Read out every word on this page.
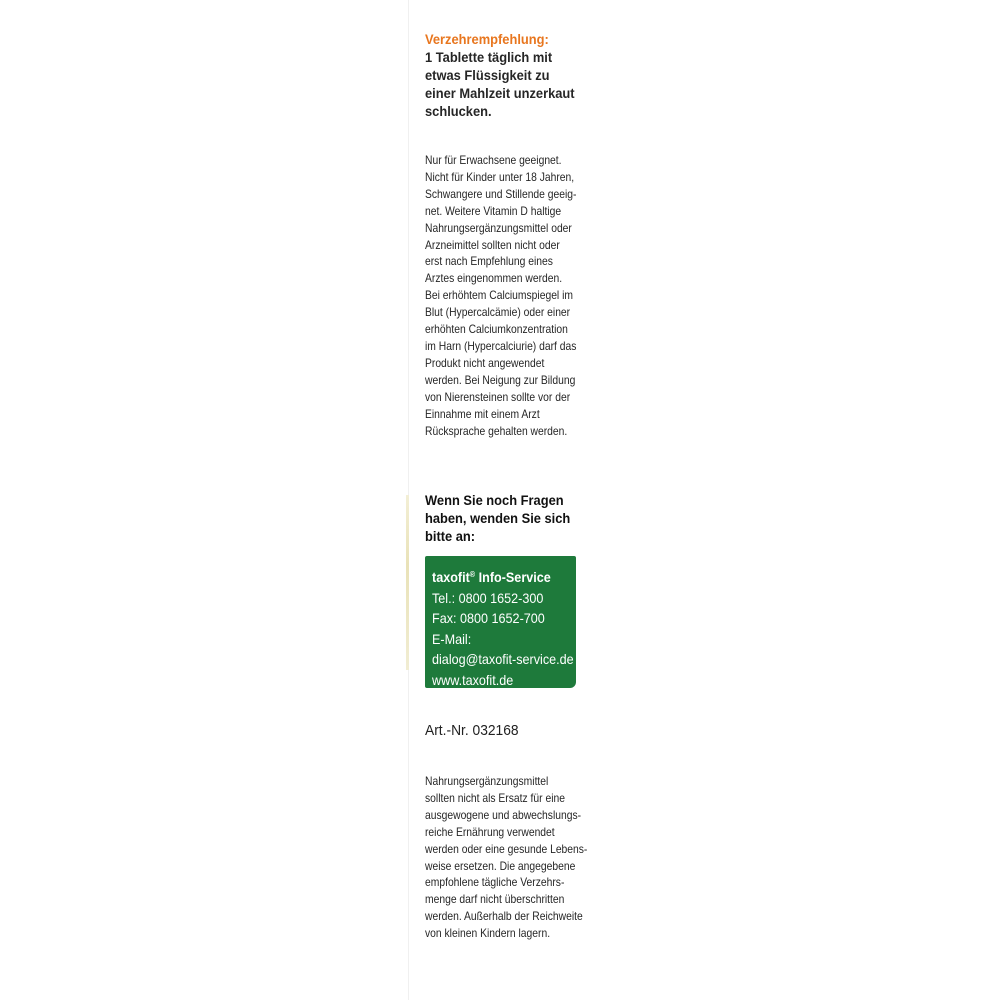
Verzehrempfehlung:
1 Tablette täglich mit
etwas Flüssigkeit zu
einer Mahlzeit unzerkaut
schlucken.
Nur für Erwachsene geeignet.
Nicht für Kinder unter 18 Jahren,
Schwangere und Stillende geeig-
net. Weitere Vitamin D haltige
Nahrungsergänzungsmittel oder
Arzneimittel sollten nicht oder
erst nach Empfehlung eines
Arztes eingenommen werden.
Bei erhöhtem Calciumspiegel im
Blut (Hypercalcämie) oder einer
erhöhten Calciumkonzentration
im Harn (Hypercalciurie) darf das
Produkt nicht angewendet
werden. Bei Neigung zur Bildung
von Nierensteinen sollte vor der
Einnahme mit einem Arzt
Rücksprache gehalten werden.
Wenn Sie noch Fragen
haben, wenden Sie sich
bitte an:
taxofit® Info-Service
Tel.: 0800 1652-300
Fax: 0800 1652-700
E-Mail:
dialog@taxofit-service.de
www.taxofit.de
Art.-Nr. 032168
Nahrungsergänzungsmittel
sollten nicht als Ersatz für eine
ausgewogene und abwechslungs-
reiche Ernährung verwendet
werden oder eine gesunde Lebens-
weise ersetzen. Die angegebene
empfohlene tägliche Verzehrs-
menge darf nicht überschritten
werden. Außerhalb der Reichweite
von kleinen Kindern lagern.
